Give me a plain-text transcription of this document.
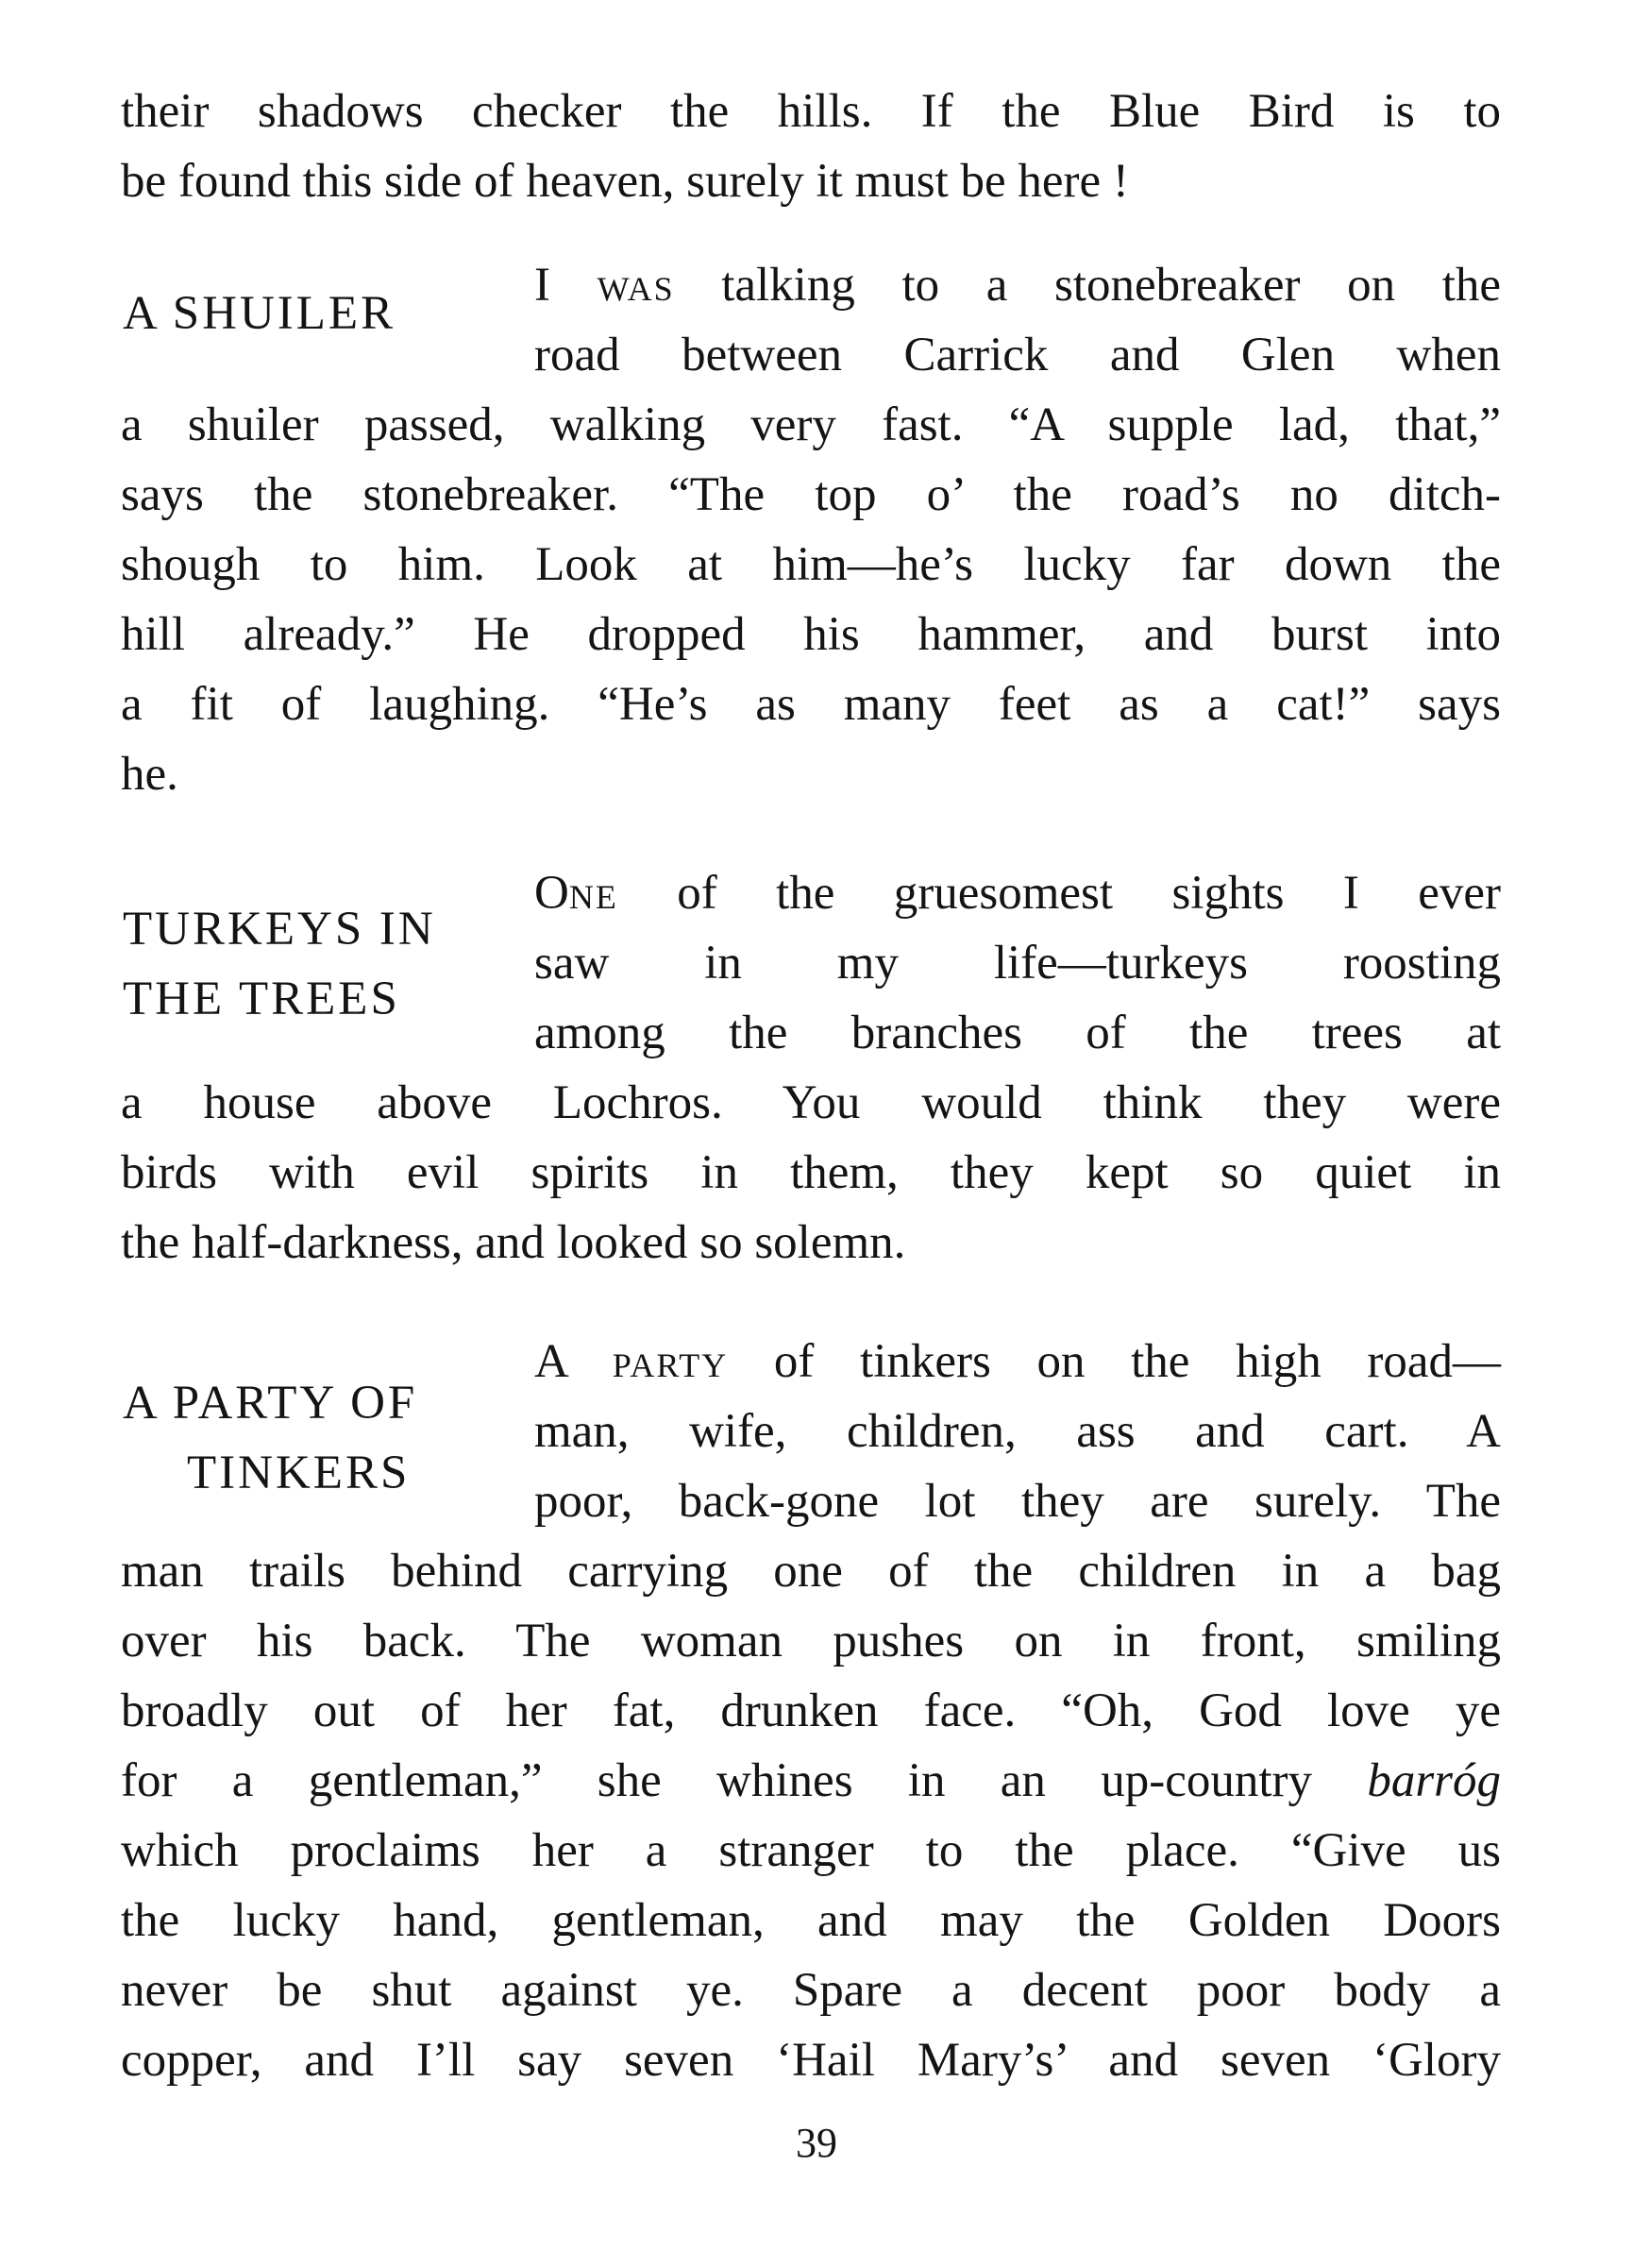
their shadows checker the hills. If the Blue Bird is to
be found this side of heaven, surely it must be here !
A SHUILER
I WAS talking to a stonebreaker on the
road between Carrick and Glen when
a shuiler passed, walking very fast. “A supple lad, that,”
says the stonebreaker. “The top o’ the road’s no ditch-
shough to him. Look at him—he’s lucky far down the
hill already.” He dropped his hammer, and burst into
a fit of laughing. “He’s as many feet as a cat!” says
he.
TURKEYS IN
THE TREES
ONE of the gruesomest sights I ever
saw in my life—turkeys roosting
among the branches of the trees at
a house above Lochros. You would think they were
birds with evil spirits in them, they kept so quiet in
the half-darkness, and looked so solemn.
A PARTY OF
TINKERS
A PARTY of tinkers on the high road—
man, wife, children, ass and cart. A
poor, back-gone lot they are surely. The
man trails behind carrying one of the children in a bag
over his back. The woman pushes on in front, smiling
broadly out of her fat, drunken face. “Oh, God love ye
for a gentleman,” she whines in an up-country barróg
which proclaims her a stranger to the place. “Give us
the lucky hand, gentleman, and may the Golden Doors
never be shut against ye. Spare a decent poor body a
copper, and I’ll say seven ‘Hail Mary’s’ and seven ‘Glory
39
